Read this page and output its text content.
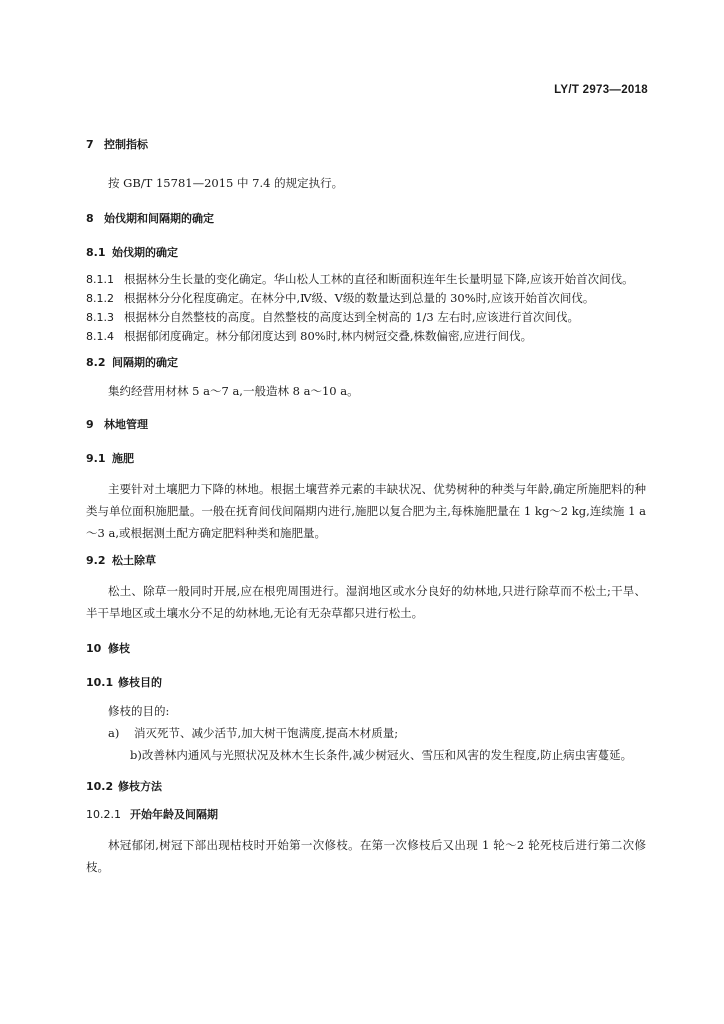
LY/T 2973—2018
7 控制指标
按 GB/T 15781—2015 中 7.4 的规定执行。
8 始伐期和间隔期的确定
8.1 始伐期的确定
8.1.1 根据林分生长量的变化确定。华山松人工林的直径和断面积连年生长量明显下降,应该开始首次间伐。
8.1.2 根据林分分化程度确定。在林分中,Ⅳ级、Ⅴ级的数量达到总量的 30%时,应该开始首次间伐。
8.1.3 根据林分自然整枝的高度。自然整枝的高度达到全树高的 1/3 左右时,应该进行首次间伐。
8.1.4 根据郁闭度确定。林分郁闭度达到 80%时,林内树冠交叠,株数偏密,应进行间伐。
8.2 间隔期的确定
集约经营用材林 5 a～7 a,一般造林 8 a～10 a。
9 林地管理
9.1 施肥
主要针对土壤肥力下降的林地。根据土壤营养元素的丰缺状况、优势树种的种类与年龄,确定所施肥料的种类与单位面积施肥量。一般在抚育间伐间隔期内进行,施肥以复合肥为主,每株施肥量在 1 kg～2 kg,连续施 1 a～3 a,或根据测土配方确定肥料种类和施肥量。
9.2 松土除草
松土、除草一般同时开展,应在根兜周围进行。湿润地区或水分良好的幼林地,只进行除草而不松土;干旱、半干旱地区或土壤水分不足的幼林地,无论有无杂草都只进行松土。
10 修枝
10.1 修枝目的
修枝的目的:
a) 消灭死节、减少活节,加大树干饱满度,提高木材质量;
b)改善林内通风与光照状况及林木生长条件,减少树冠火、雪压和风害的发生程度,防止病虫害蔓延。
10.2 修枝方法
10.2.1 开始年龄及间隔期
林冠郁闭,树冠下部出现枯枝时开始第一次修枝。在第一次修枝后又出现 1 轮～2 轮死枝后进行第二次修枝。
